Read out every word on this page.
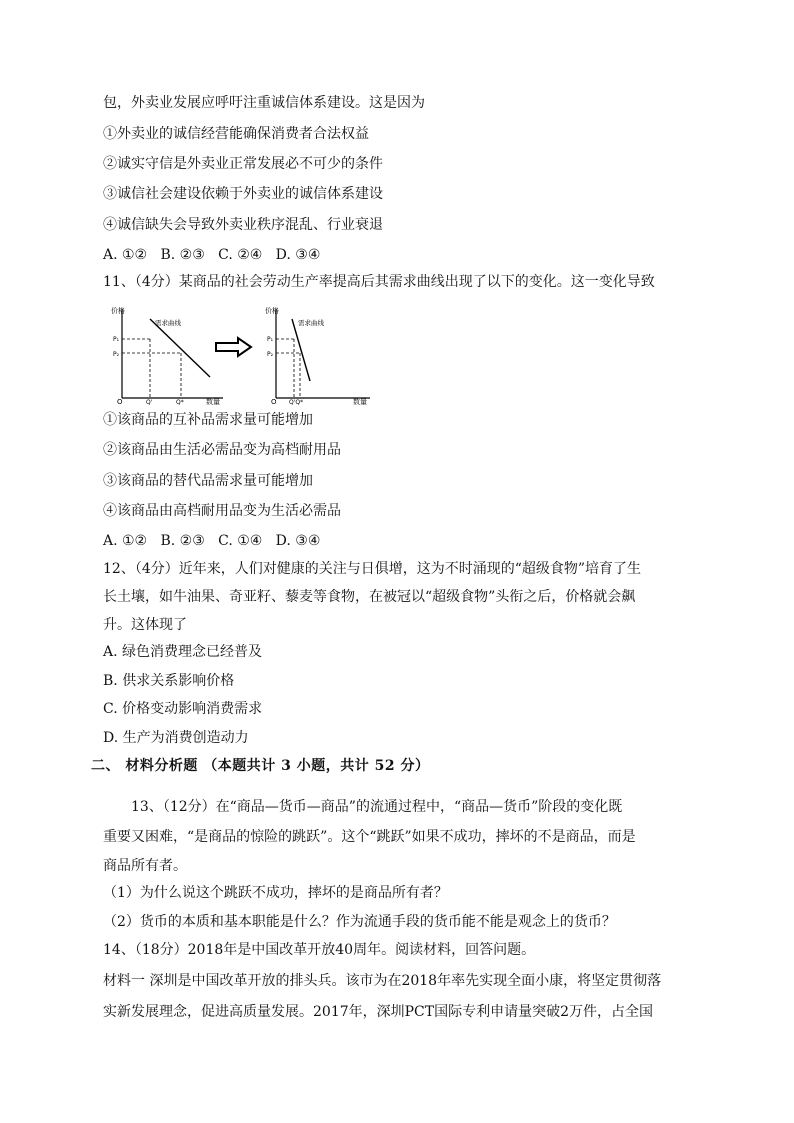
包，外卖业发展应呼吁注重诚信体系建设。这是因为
①外卖业的诚信经营能确保消费者合法权益
②诚实守信是外卖业正常发展必不可少的条件
③诚信社会建设依赖于外卖业的诚信体系建设
④诚信缺失会导致外卖业秩序混乱、行业衰退
A. ①②   B. ②③   C. ②④   D. ③④
11、（4分）某商品的社会劳动生产率提高后其需求曲线出现了以下的变化。这一变化导致
价格
P₁
P₂
需求曲线
O	Q'	Q*	数量
价格
P₁
P₂
需求曲线
O Q'Q*	数量
①该商品的互补品需求量可能增加
②该商品由生活必需品变为高档耐用品
③该商品的替代品需求量可能增加
④该商品由高档耐用品变为生活必需品
A. ①②   B. ②③   C. ①④   D. ③④
12、（4分）近年来，人们对健康的关注与日俱增，这为不时涌现的“超级食物”培育了生
长土壤，如牛油果、奇亚籽、藜麦等食物，在被冠以“超级食物”头衔之后，价格就会飙
升。这体现了
A. 绿色消费理念已经普及
B. 供求关系影响价格
C. 价格变动影响消费需求
D. 生产为消费创造动力
二、 材料分析题 （本题共计 3 小题，共计 52 分）
13、（12分）在“商品—货币—商品”的流通过程中，“商品—货币”阶段的变化既
重要又困难，“是商品的惊险的跳跃”。这个“跳跃”如果不成功，摔坏的不是商品，而是
商品所有者。
（1）为什么说这个跳跃不成功，摔坏的是商品所有者？
（2）货币的本质和基本职能是什么？作为流通手段的货币能不能是观念上的货币？
14、（18分）2018年是中国改革开放40周年。阅读材料，回答问题。
材料一 深圳是中国改革开放的排头兵。该市为在2018年率先实现全面小康，将坚定贯彻落
实新发展理念，促进高质量发展。2017年，深圳PCT国际专利申请量突破2万件，占全国
